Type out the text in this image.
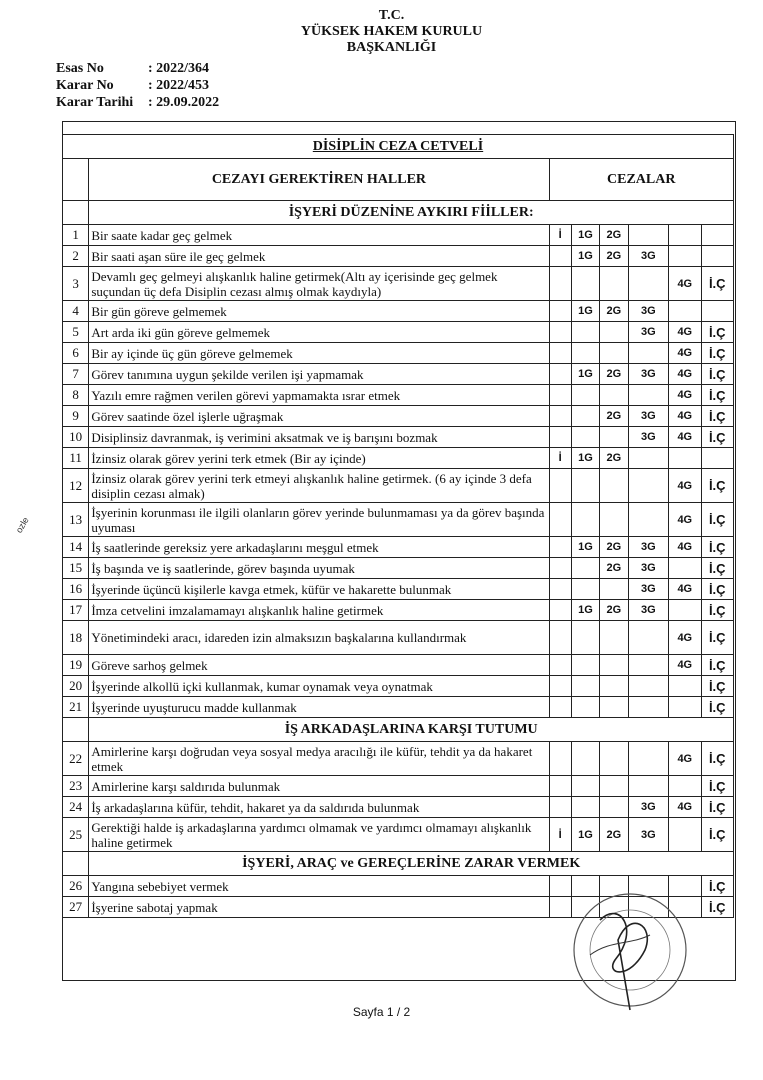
T.C.
YÜKSEK HAKEM KURULU
BAŞKANLIĞI
Esas No	: 2022/364
Karar No	: 2022/453
Karar Tarihi	: 29.09.2022
DİSİPLİN CEZA CETVELİ							
	CEZAYI GEREKTİREN HALLER	CEZALAR					
	İŞYERİ DÜZENİNE AYKIRI FİİLLER:						
1	Bir saate kadar geç gelmek	İ	1G	2G			
2	Bir saati aşan süre ile geç gelmek		1G	2G	3G		
3	Devamlı geç gelmeyi alışkanlık haline getirmek(Altı ay içerisinde geç gelmek suçundan üç defa Disiplin cezası almış olmak kaydıyla)					4G	İ.Ç
4	Bir gün göreve gelmemek		1G	2G	3G		
5	Art arda iki gün göreve gelmemek				3G	4G	İ.Ç
6	Bir ay içinde üç gün göreve gelmemek					4G	İ.Ç
7	Görev tanımına uygun şekilde verilen işi yapmamak		1G	2G	3G	4G	İ.Ç
8	Yazılı emre rağmen verilen görevi yapmamakta ısrar etmek					4G	İ.Ç
9	Görev saatinde özel işlerle uğraşmak			2G	3G	4G	İ.Ç
10	Disiplinsiz davranmak, iş verimini aksatmak ve iş barışını bozmak				3G	4G	İ.Ç
11	İzinsiz olarak görev yerini terk etmek (Bir ay içinde)	İ	1G	2G			
12	İzinsiz olarak görev yerini terk etmeyi alışkanlık haline getirmek. (6 ay içinde 3 defa disiplin cezası almak)					4G	İ.Ç
13	İşyerinin korunması ile ilgili olanların görev yerinde bulunmaması ya da görev başında uyuması					4G	İ.Ç
14	İş saatlerinde gereksiz yere arkadaşlarını meşgul etmek		1G	2G	3G	4G	İ.Ç
15	İş başında ve iş saatlerinde, görev başında uyumak			2G	3G		İ.Ç
16	İşyerinde üçüncü kişilerle kavga etmek, küfür ve hakarette bulunmak				3G	4G	İ.Ç
17	İmza cetvelini imzalamamayı alışkanlık haline getirmek		1G	2G	3G		İ.Ç
18	Yönetimindeki aracı, idareden izin almaksızın başkalarına kullandırmak					4G	İ.Ç
19	Göreve sarhoş gelmek					4G	İ.Ç
20	İşyerinde alkollü içki kullanmak, kumar oynamak veya oynatmak						İ.Ç
21	İşyerinde uyuşturucu madde kullanmak						İ.Ç
	İŞ ARKADAŞLARINA KARŞI TUTUMU						
22	Amirlerine karşı doğrudan veya sosyal medya aracılığı ile küfür, tehdit ya da hakaret etmek					4G	İ.Ç
23	Amirlerine karşı saldırıda bulunmak						İ.Ç
24	İş arkadaşlarına küfür, tehdit, hakaret ya da saldırıda bulunmak				3G	4G	İ.Ç
25	Gerektiği halde iş arkadaşlarına yardımcı olmamak ve yardımcı olmamayı alışkanlık haline getirmek	İ	1G	2G	3G		İ.Ç
	İŞYERİ, ARAÇ ve GEREÇLERİNE ZARAR VERMEK						
26	Yangına sebebiyet vermek						İ.Ç
27	İşyerine sabotaj yapmak						İ.Ç
ozle
Sayfa 1 / 2
